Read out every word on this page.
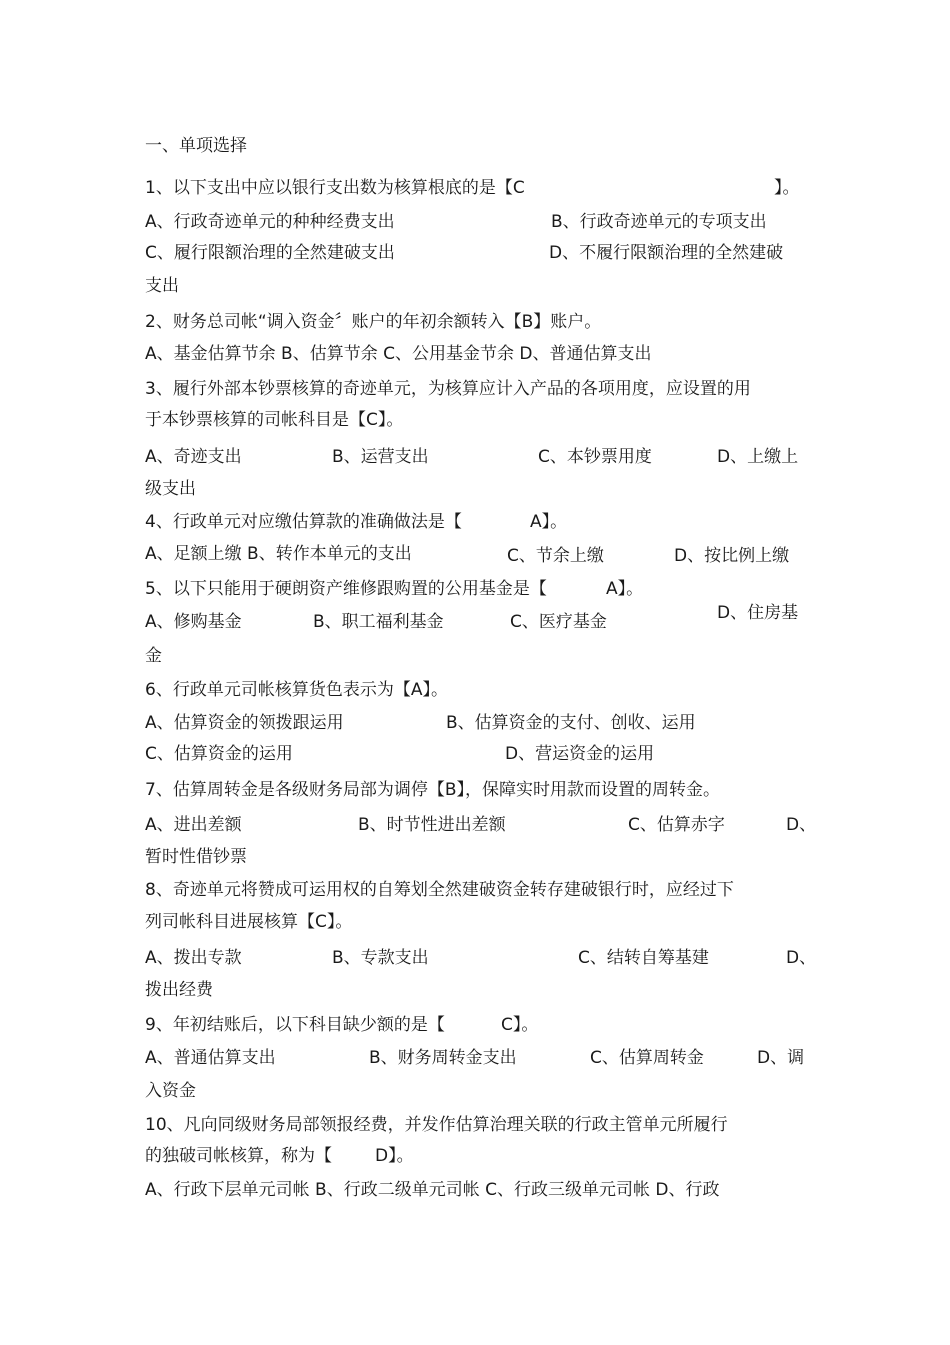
一、单项选择
1、以下支出中应以银行支出数为核算根底的是【C	】。
A、行政奇迹单元的种种经费支出	B、行政奇迹单元的专项支出
C、履行限额治理的全然建破支出	D、不履行限额治理的全然建破
支出
2、财务总司帐“调入资金〞账户的年初余额转入【B】账户。
A、基金估算节余 B、估算节余 C、公用基金节余 D、普通估算支出
3、履行外部本钞票核算的奇迹单元，为核算应计入产品的各项用度，应设置的用
于本钞票核算的司帐科目是【C】。
A、奇迹支出	B、运营支出	C、本钞票用度	D、上缴上
级支出
4、行政单元对应缴估算款的准确做法是【	A】。
A、足额上缴 B、转作本单元的支出	C、节余上缴	D、按比例上缴
5、以下只能用于硬朗资产维修跟购置的公用基金是【	A】。
D、住房基
A、修购基金	B、职工福利基金	C、医疗基金
金
6、行政单元司帐核算货色表示为【A】。
A、估算资金的领拨跟运用	B、估算资金的支付、创收、运用
C、估算资金的运用	D、营运资金的运用
7、估算周转金是各级财务局部为调停【B】，保障实时用款而设置的周转金。
A、进出差额	B、时节性进出差额	C、估算赤字	D、
暂时性借钞票
8、奇迹单元将赞成可运用权的自筹划全然建破资金转存建破银行时，应经过下
列司帐科目进展核算【C】。
A、拨出专款	B、专款支出	C、结转自筹基建	D、
拨出经费
9、年初结账后，以下科目缺少额的是【	C】。
A、普通估算支出	B、财务周转金支出	C、估算周转金	D、调
入资金
10、凡向同级财务局部领报经费，并发作估算治理关联的行政主管单元所履行
的独破司帐核算，称为【	D】。
A、行政下层单元司帐 B、行政二级单元司帐 C、行政三级单元司帐 D、行政
